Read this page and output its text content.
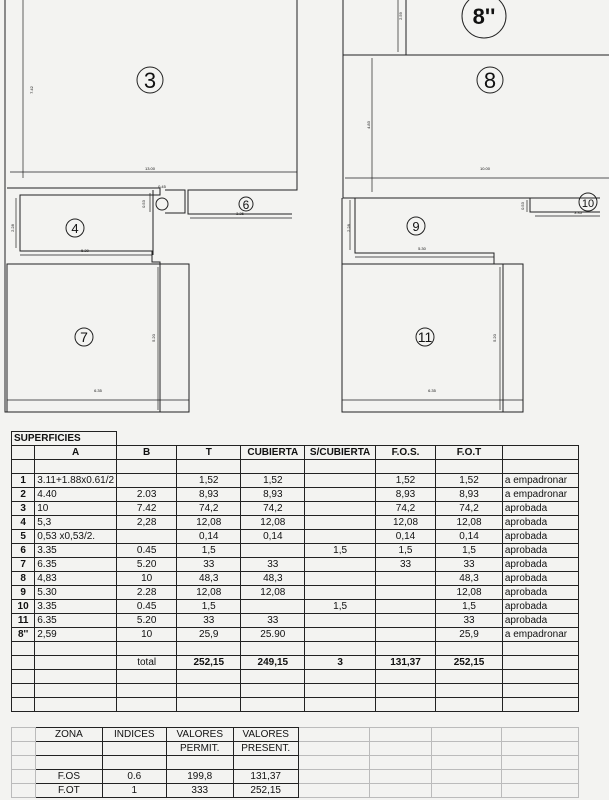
3
8''
8
4
6
9
10
7	11
7.42
13.00
2.59
4.83
10.00
0.53
2.28
5.30
0.53
3.35
2.28
5.30
0.45
3.35
5.20
6.35
5.20
6.35
SUPERFICIES								
	A	B	T	CUBIERTA	S/CUBIERTA	F.O.S.	F.O.T	

1	3.11+1.88x0.61/2		1,52	1,52		1,52	1,52	a empadronar
2	4.40	2.03	8,93	8,93		8,93	8,93	a empadronar
3	10	7.42	74,2	74,2		74,2	74,2	aprobada
4	5,3	2,28	12,08	12,08		12,08	12,08	aprobada
5	0,53 x0,53/2.		0,14	0,14		0,14	0,14	aprobada
6	3.35	0.45	1,5		1,5	1,5	1,5	aprobada
7	6.35	5.20	33	33		33	33	aprobada
8	4,83	10	48,3	48,3			48,3	aprobada
9	5.30	2.28	12,08	12,08			12,08	aprobada
10	3.35	0.45	1,5		1,5		1,5	aprobada
11	6.35	5.20	33	33			33	aprobada
8''	2,59	10	25,9	25.90			25,9	a empadronar

		total	252,15	249,15	3	131,37	252,15	

	ZONA	INDICES	VALORES	VALORES				
			PERMIT.	PRESENT.				

	F.OS	0.6	199,8	131,37				
	F.OT	1	333	252,15				
